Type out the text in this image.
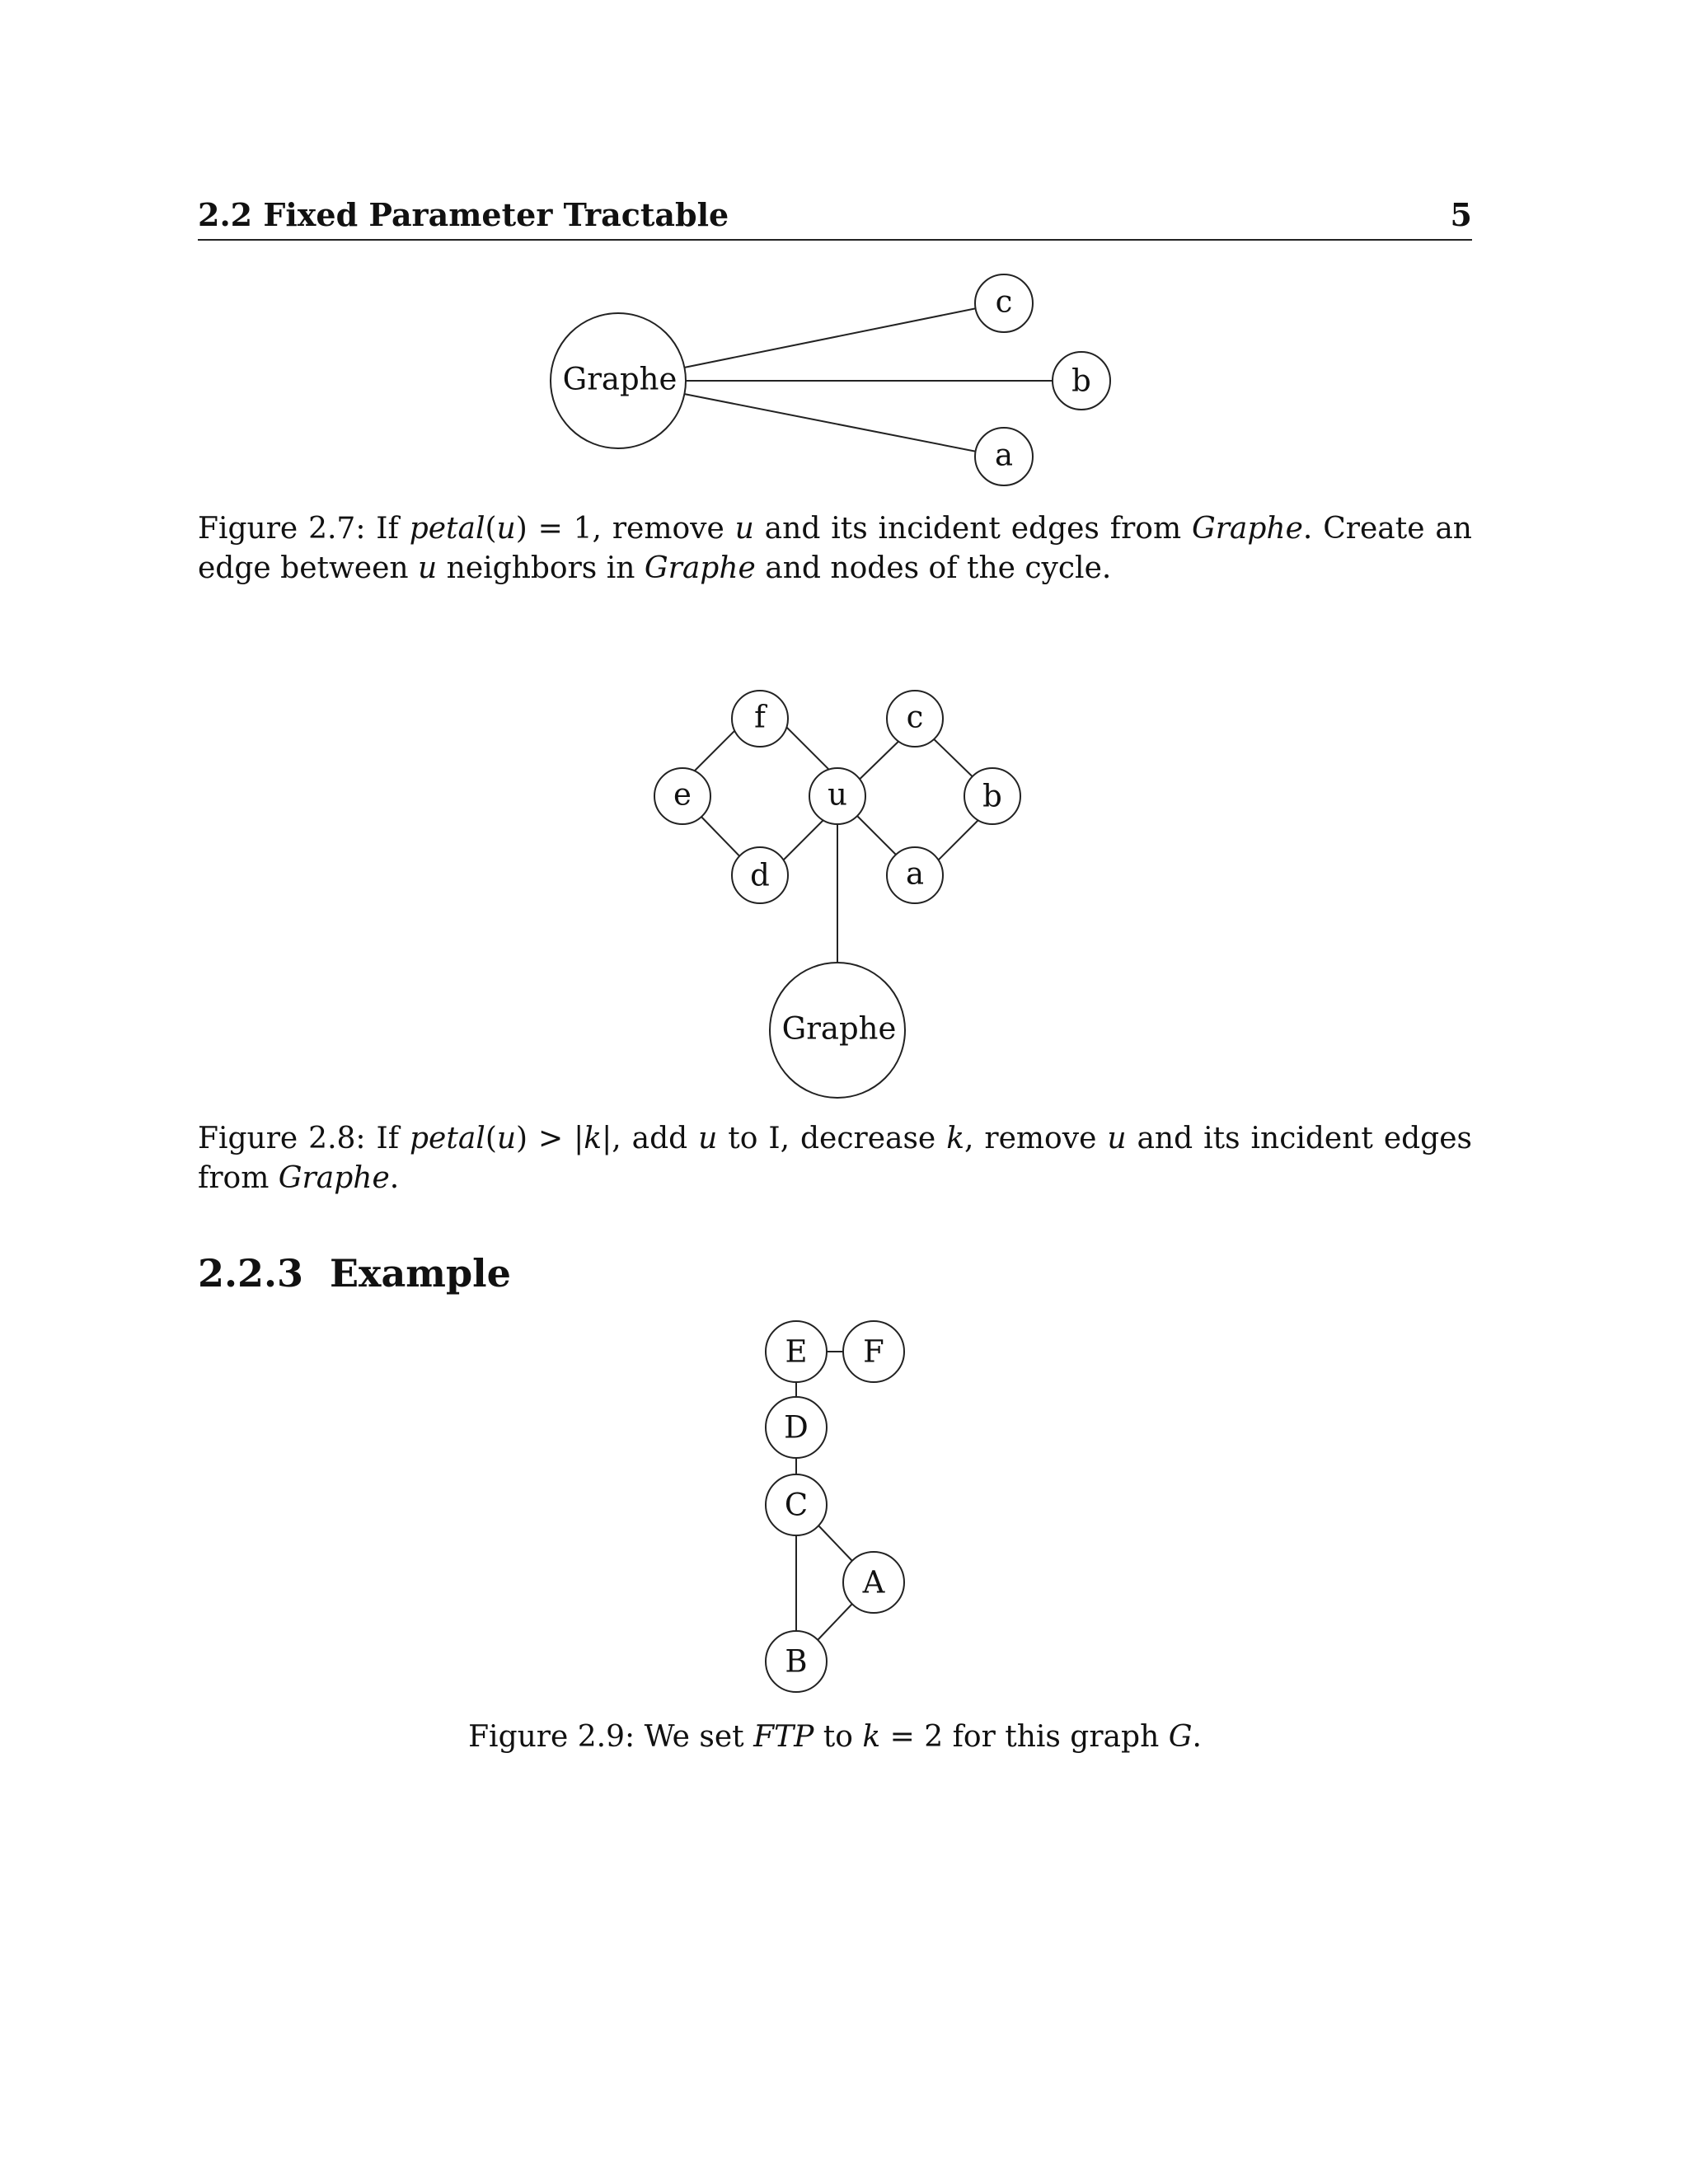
2.2 Fixed Parameter Tractable	5
Graphe
c
b
a
Figure 2.7: If petal(u) = 1, remove u and its incident edges from Graphe. Create an edge between u neighbors in Graphe and nodes of the cycle.
f	c
e	u	b
d	a
Graphe
Figure 2.8: If petal(u) > |k|, add u to I, decrease k, remove u and its incident edges from Graphe.
2.2.3 Example
E F
D
C
A
B
Figure 2.9: We set FTP to k = 2 for this graph G.
